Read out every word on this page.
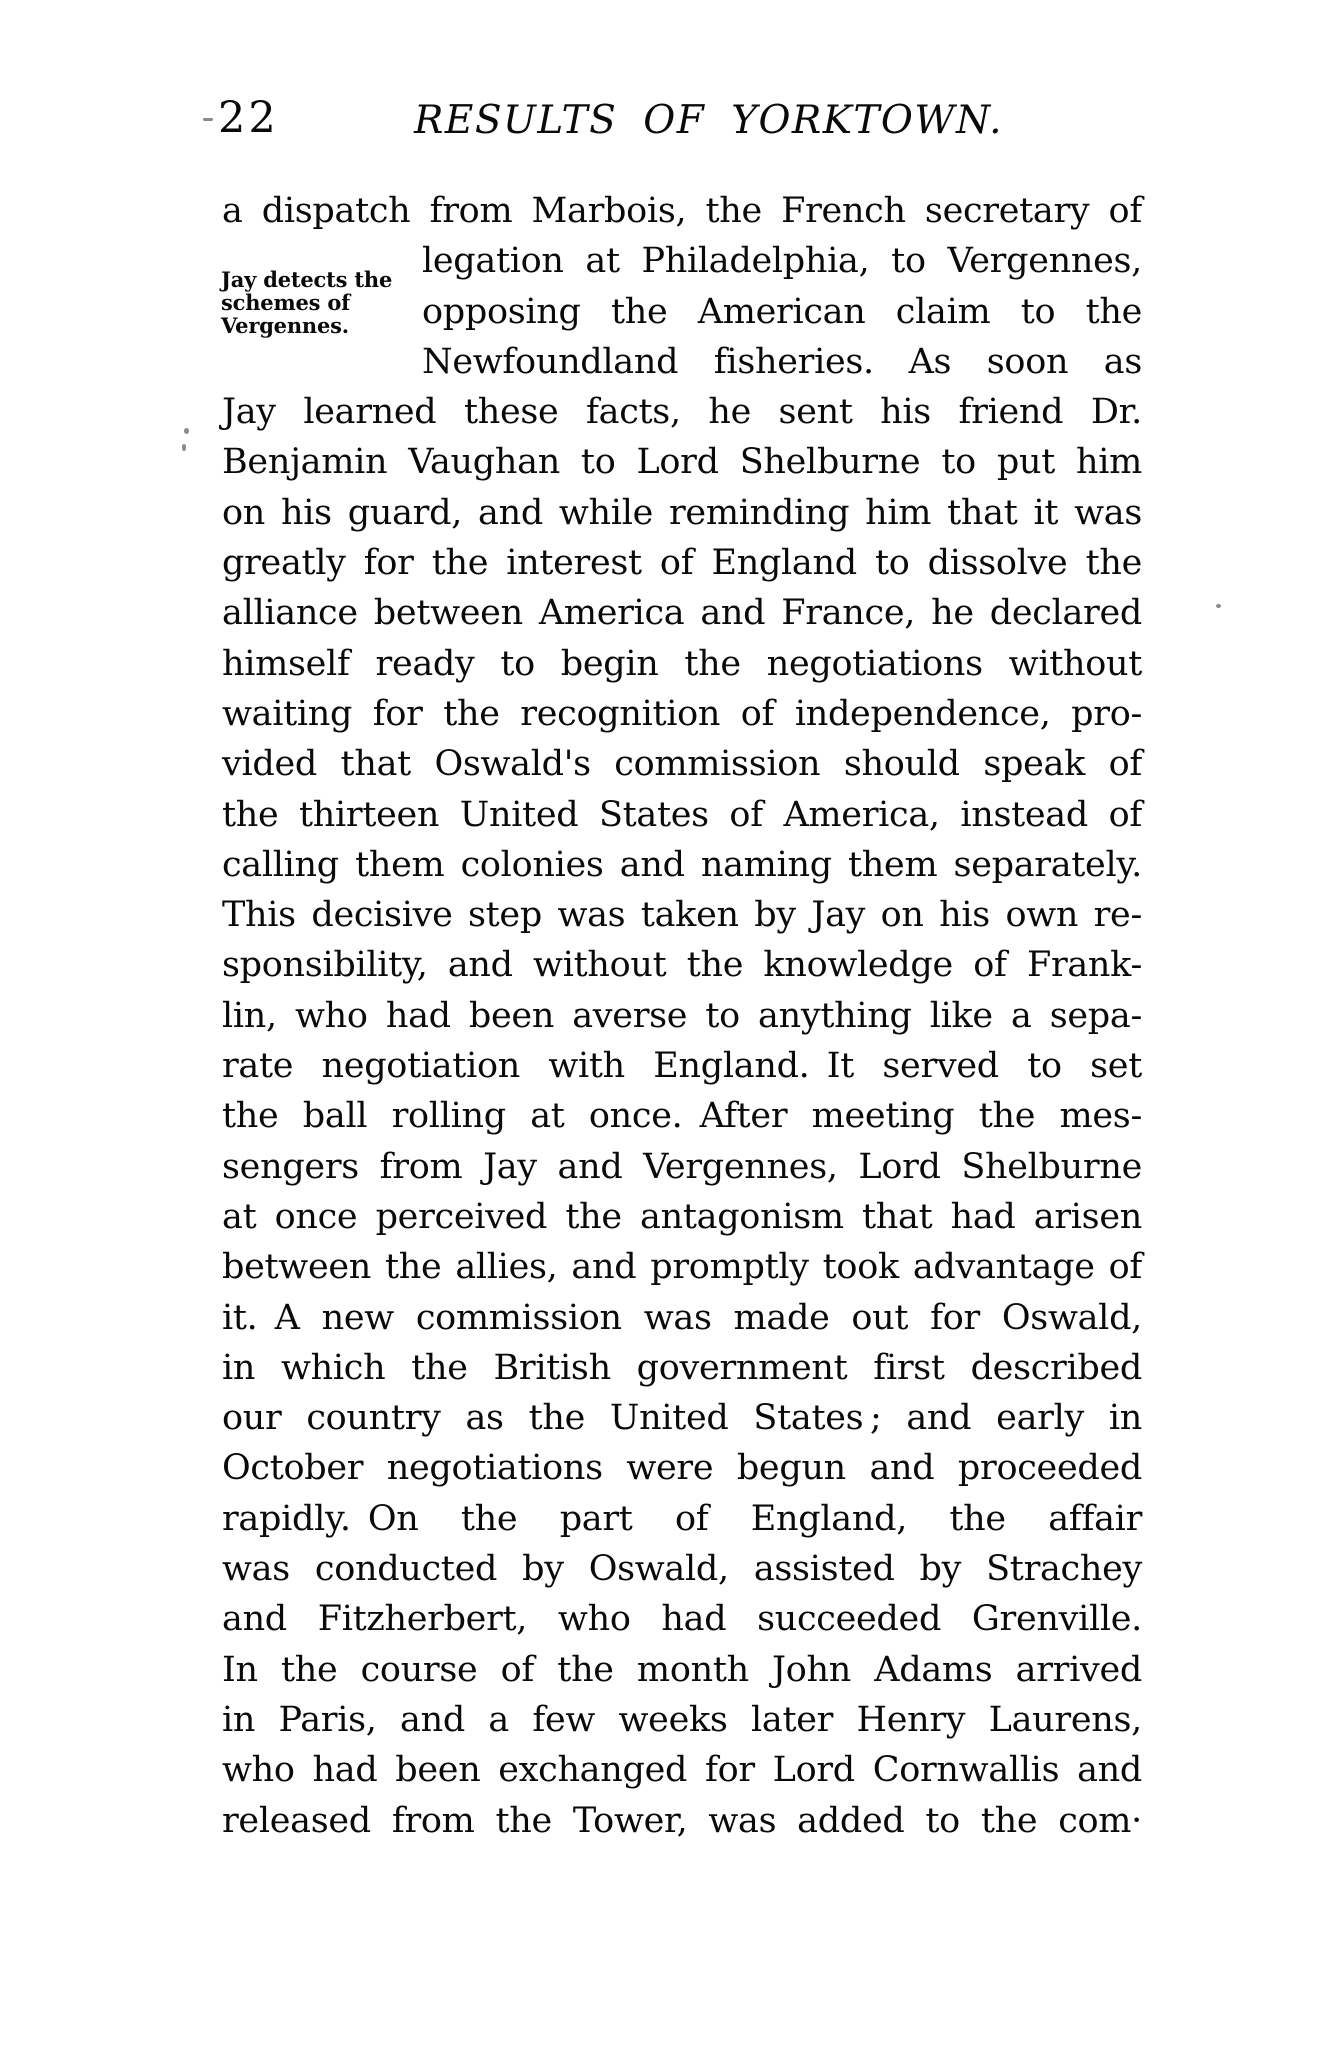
22	RESULTS OF YORKTOWN.
Jay detects the
schemes of
Vergennes.
a dispatch from Marbois, the French secretary of
legation at Philadelphia, to Vergennes,
opposing the American claim to the
Newfoundland fisheries. As soon as
Jay learned these facts, he sent his friend Dr.
Benjamin Vaughan to Lord Shelburne to put him
on his guard, and while reminding him that it was
greatly for the interest of England to dissolve the
alliance between America and France, he declared
himself ready to begin the negotiations without
waiting for the recognition of independence, pro-
vided that Oswald's commission should speak of
the thirteen United States of America, instead of
calling them colonies and naming them separately.
This decisive step was taken by Jay on his own re-
sponsibility, and without the knowledge of Frank-
lin, who had been averse to anything like a sepa-
rate negotiation with England. It served to set
the ball rolling at once. After meeting the mes-
sengers from Jay and Vergennes, Lord Shelburne
at once perceived the antagonism that had arisen
between the allies, and promptly took advantage of
it. A new commission was made out for Oswald,
in which the British government first described
our country as the United States ; and early in
October negotiations were begun and proceeded
rapidly. On the part of England, the affair
was conducted by Oswald, assisted by Strachey
and Fitzherbert, who had succeeded Grenville.
In the course of the month John Adams arrived
in Paris, and a few weeks later Henry Laurens,
who had been exchanged for Lord Cornwallis and
released from the Tower, was added to the com·
